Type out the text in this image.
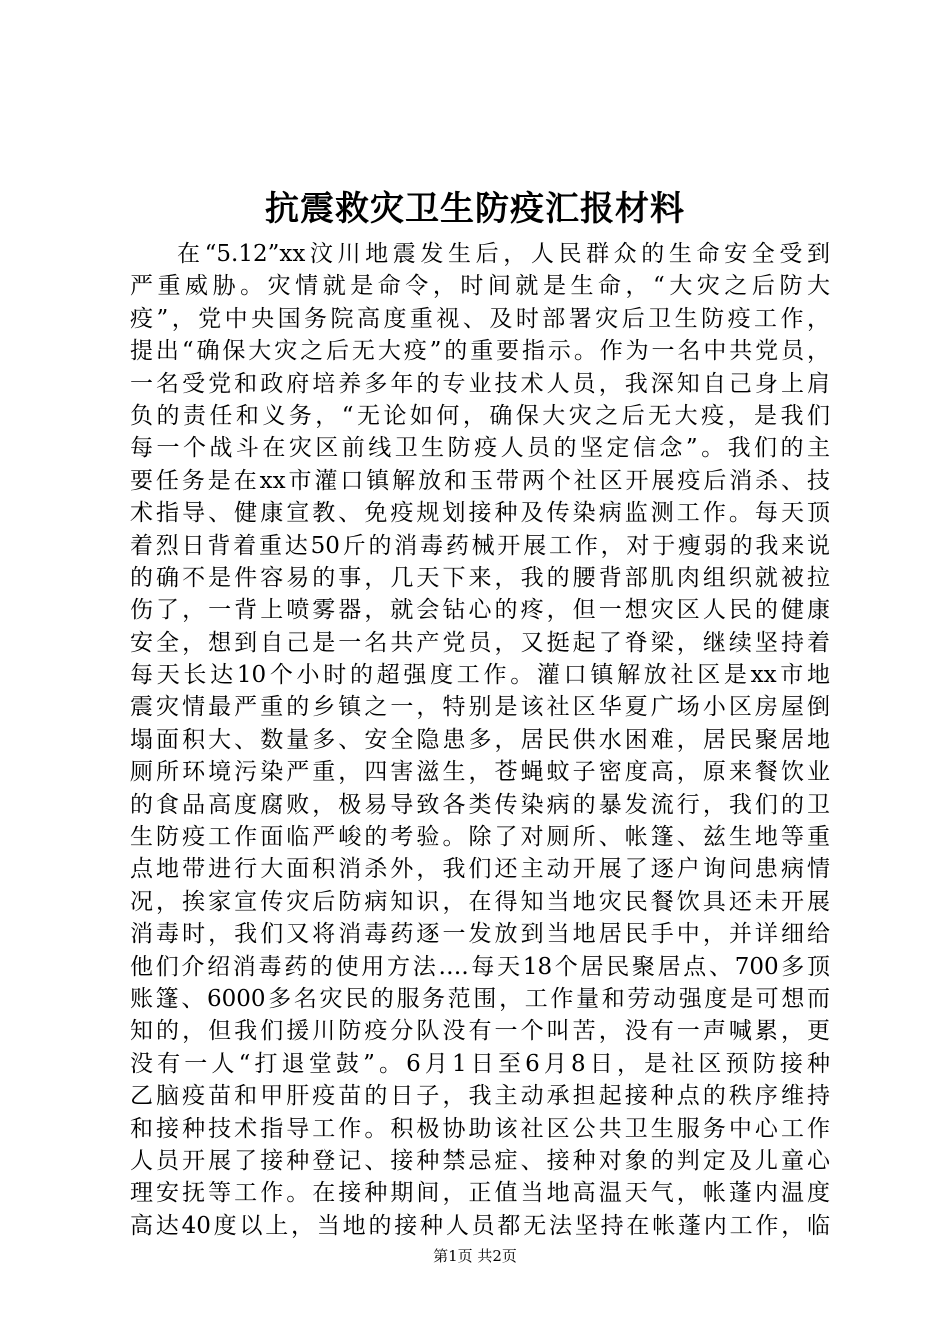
抗震救灾卫生防疫汇报材料
在“5.12”xx汶川地震发生后，人民群众的生命安全受到
严重威胁。灾情就是命令，时间就是生命，“大灾之后防大
疫”，党中央国务院高度重视、及时部署灾后卫生防疫工作，
提出“确保大灾之后无大疫”的重要指示。作为一名中共党员，
一名受党和政府培养多年的专业技术人员，我深知自己身上肩
负的责任和义务，“无论如何，确保大灾之后无大疫，是我们
每一个战斗在灾区前线卫生防疫人员的坚定信念”。我们的主
要任务是在xx市灌口镇解放和玉带两个社区开展疫后消杀、技
术指导、健康宣教、免疫规划接种及传染病监测工作。每天顶
着烈日背着重达50斤的消毒药械开展工作，对于瘦弱的我来说
的确不是件容易的事，几天下来，我的腰背部肌肉组织就被拉
伤了，一背上喷雾器，就会钻心的疼，但一想灾区人民的健康
安全，想到自己是一名共产党员，又挺起了脊梁，继续坚持着
每天长达10个小时的超强度工作。灌口镇解放社区是xx市地
震灾情最严重的乡镇之一，特别是该社区华夏广场小区房屋倒
塌面积大、数量多、安全隐患多，居民供水困难，居民聚居地
厕所环境污染严重，四害滋生，苍蝇蚊子密度高，原来餐饮业
的食品高度腐败，极易导致各类传染病的暴发流行，我们的卫
生防疫工作面临严峻的考验。除了对厕所、帐篷、兹生地等重
点地带进行大面积消杀外，我们还主动开展了逐户询问患病情
况，挨家宣传灾后防病知识，在得知当地灾民餐饮具还未开展
消毒时，我们又将消毒药逐一发放到当地居民手中，并详细给
他们介绍消毒药的使用方法….每天18个居民聚居点、700多顶
账篷、6000多名灾民的服务范围，工作量和劳动强度是可想而
知的，但我们援川防疫分队没有一个叫苦，没有一声喊累，更
没有一人“打退堂鼓”。6月1日至6月8日，是社区预防接种
乙脑疫苗和甲肝疫苗的日子，我主动承担起接种点的秩序维持
和接种技术指导工作。积极协助该社区公共卫生服务中心工作
人员开展了接种登记、接种禁忌症、接种对象的判定及儿童心
理安抚等工作。在接种期间，正值当地高温天气，帐蓬内温度
高达40度以上，当地的接种人员都无法坚持在帐蓬内工作，临
第1页 共2页
